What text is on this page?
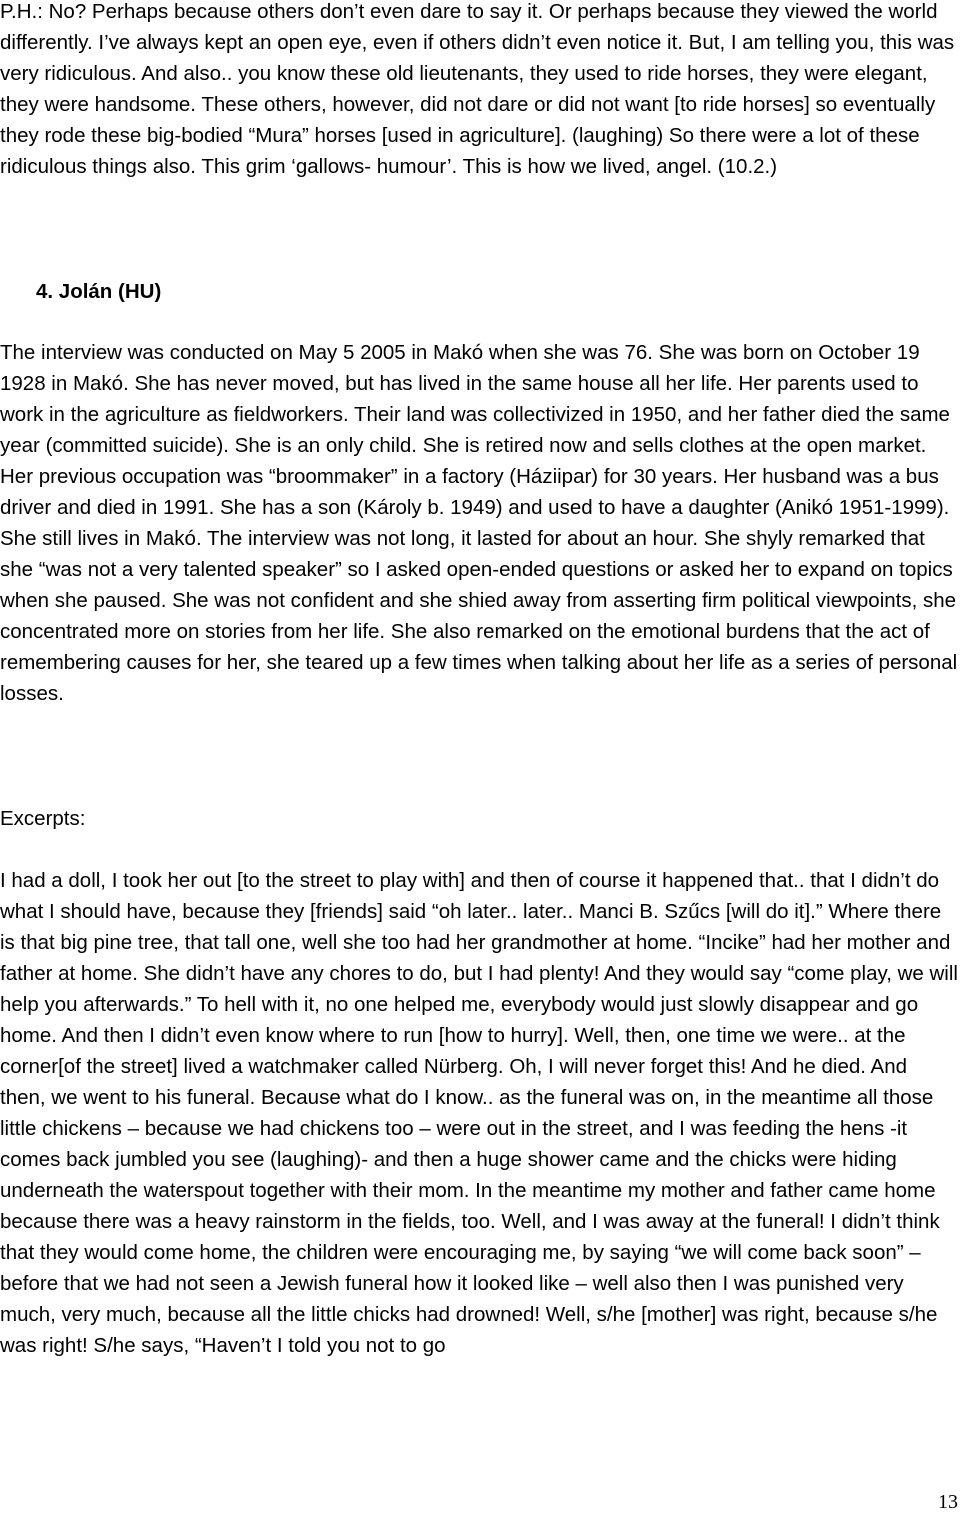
P.H.: No? Perhaps because others don’t even dare to say it. Or perhaps because they viewed the world differently. I’ve always kept an open eye, even if others didn’t even notice it. But, I am telling you, this was very ridiculous. And also.. you know these old lieutenants, they used to ride horses, they were elegant, they were handsome. These others, however, did not dare or did not want [to ride horses] so eventually they rode these big-bodied “Mura” horses [used in agriculture]. (laughing) So there were a lot of these ridiculous things also. This grim ‘gallows- humour’. This is how we lived, angel. (10.2.)

4. Jolán (HU)

The interview was conducted on May 5 2005 in Makó when she was 76. She was born on October 19 1928 in Makó. She has never moved, but has lived in the same house all her life. Her parents used to work in the agriculture as fieldworkers. Their land was collectivized in 1950, and her father died the same year (committed suicide). She is an only child. She is retired now and sells clothes at the open market. Her previous occupation was “broommaker” in a factory (Háziipar) for 30 years. Her husband was a bus driver and died in 1991. She has a son (Károly b. 1949) and used to have a daughter (Anikó 1951-1999). She still lives in Makó. The interview was not long, it lasted for about an hour. She shyly remarked that she “was not a very talented speaker” so I asked open-ended questions or asked her to expand on topics when she paused. She was not confident and she shied away from asserting firm political viewpoints, she concentrated more on stories from her life. She also remarked on the emotional burdens that the act of remembering causes for her, she teared up a few times when talking about her life as a series of personal losses.

Excerpts:

I had a doll, I took her out [to the street to play with] and then of course it happened that.. that I didn’t do what I should have, because they [friends] said “oh later.. later.. Manci B. Szűcs [will do it].” Where there is that big pine tree, that tall one, well she too had her grandmother at home. “Incike” had her mother and father at home. She didn’t have any chores to do, but I had plenty! And they would say “come play, we will help you afterwards.” To hell with it, no one helped me, everybody would just slowly disappear and go home. And then I didn’t even know where to run [how to hurry]. Well, then, one time we were.. at the corner[of the street] lived a watchmaker called Nürberg. Oh, I will never forget this! And he died. And then, we went to his funeral. Because what do I know.. as the funeral was on, in the meantime all those little chickens – because we had chickens too – were out in the street, and I was feeding the hens -it comes back jumbled you see (laughing)- and then a huge shower came and the chicks were hiding underneath the waterspout together with their mom. In the meantime my mother and father came home because there was a heavy rainstorm in the fields, too. Well, and I was away at the funeral! I didn’t think that they would come home, the children were encouraging me, by saying “we will come back soon” – before that we had not seen a Jewish funeral how it looked like – well also then I was punished very much, very much, because all the little chicks had drowned! Well, s/he [mother] was right, because s/he was right! S/he says, “Haven’t I told you not to go

13
